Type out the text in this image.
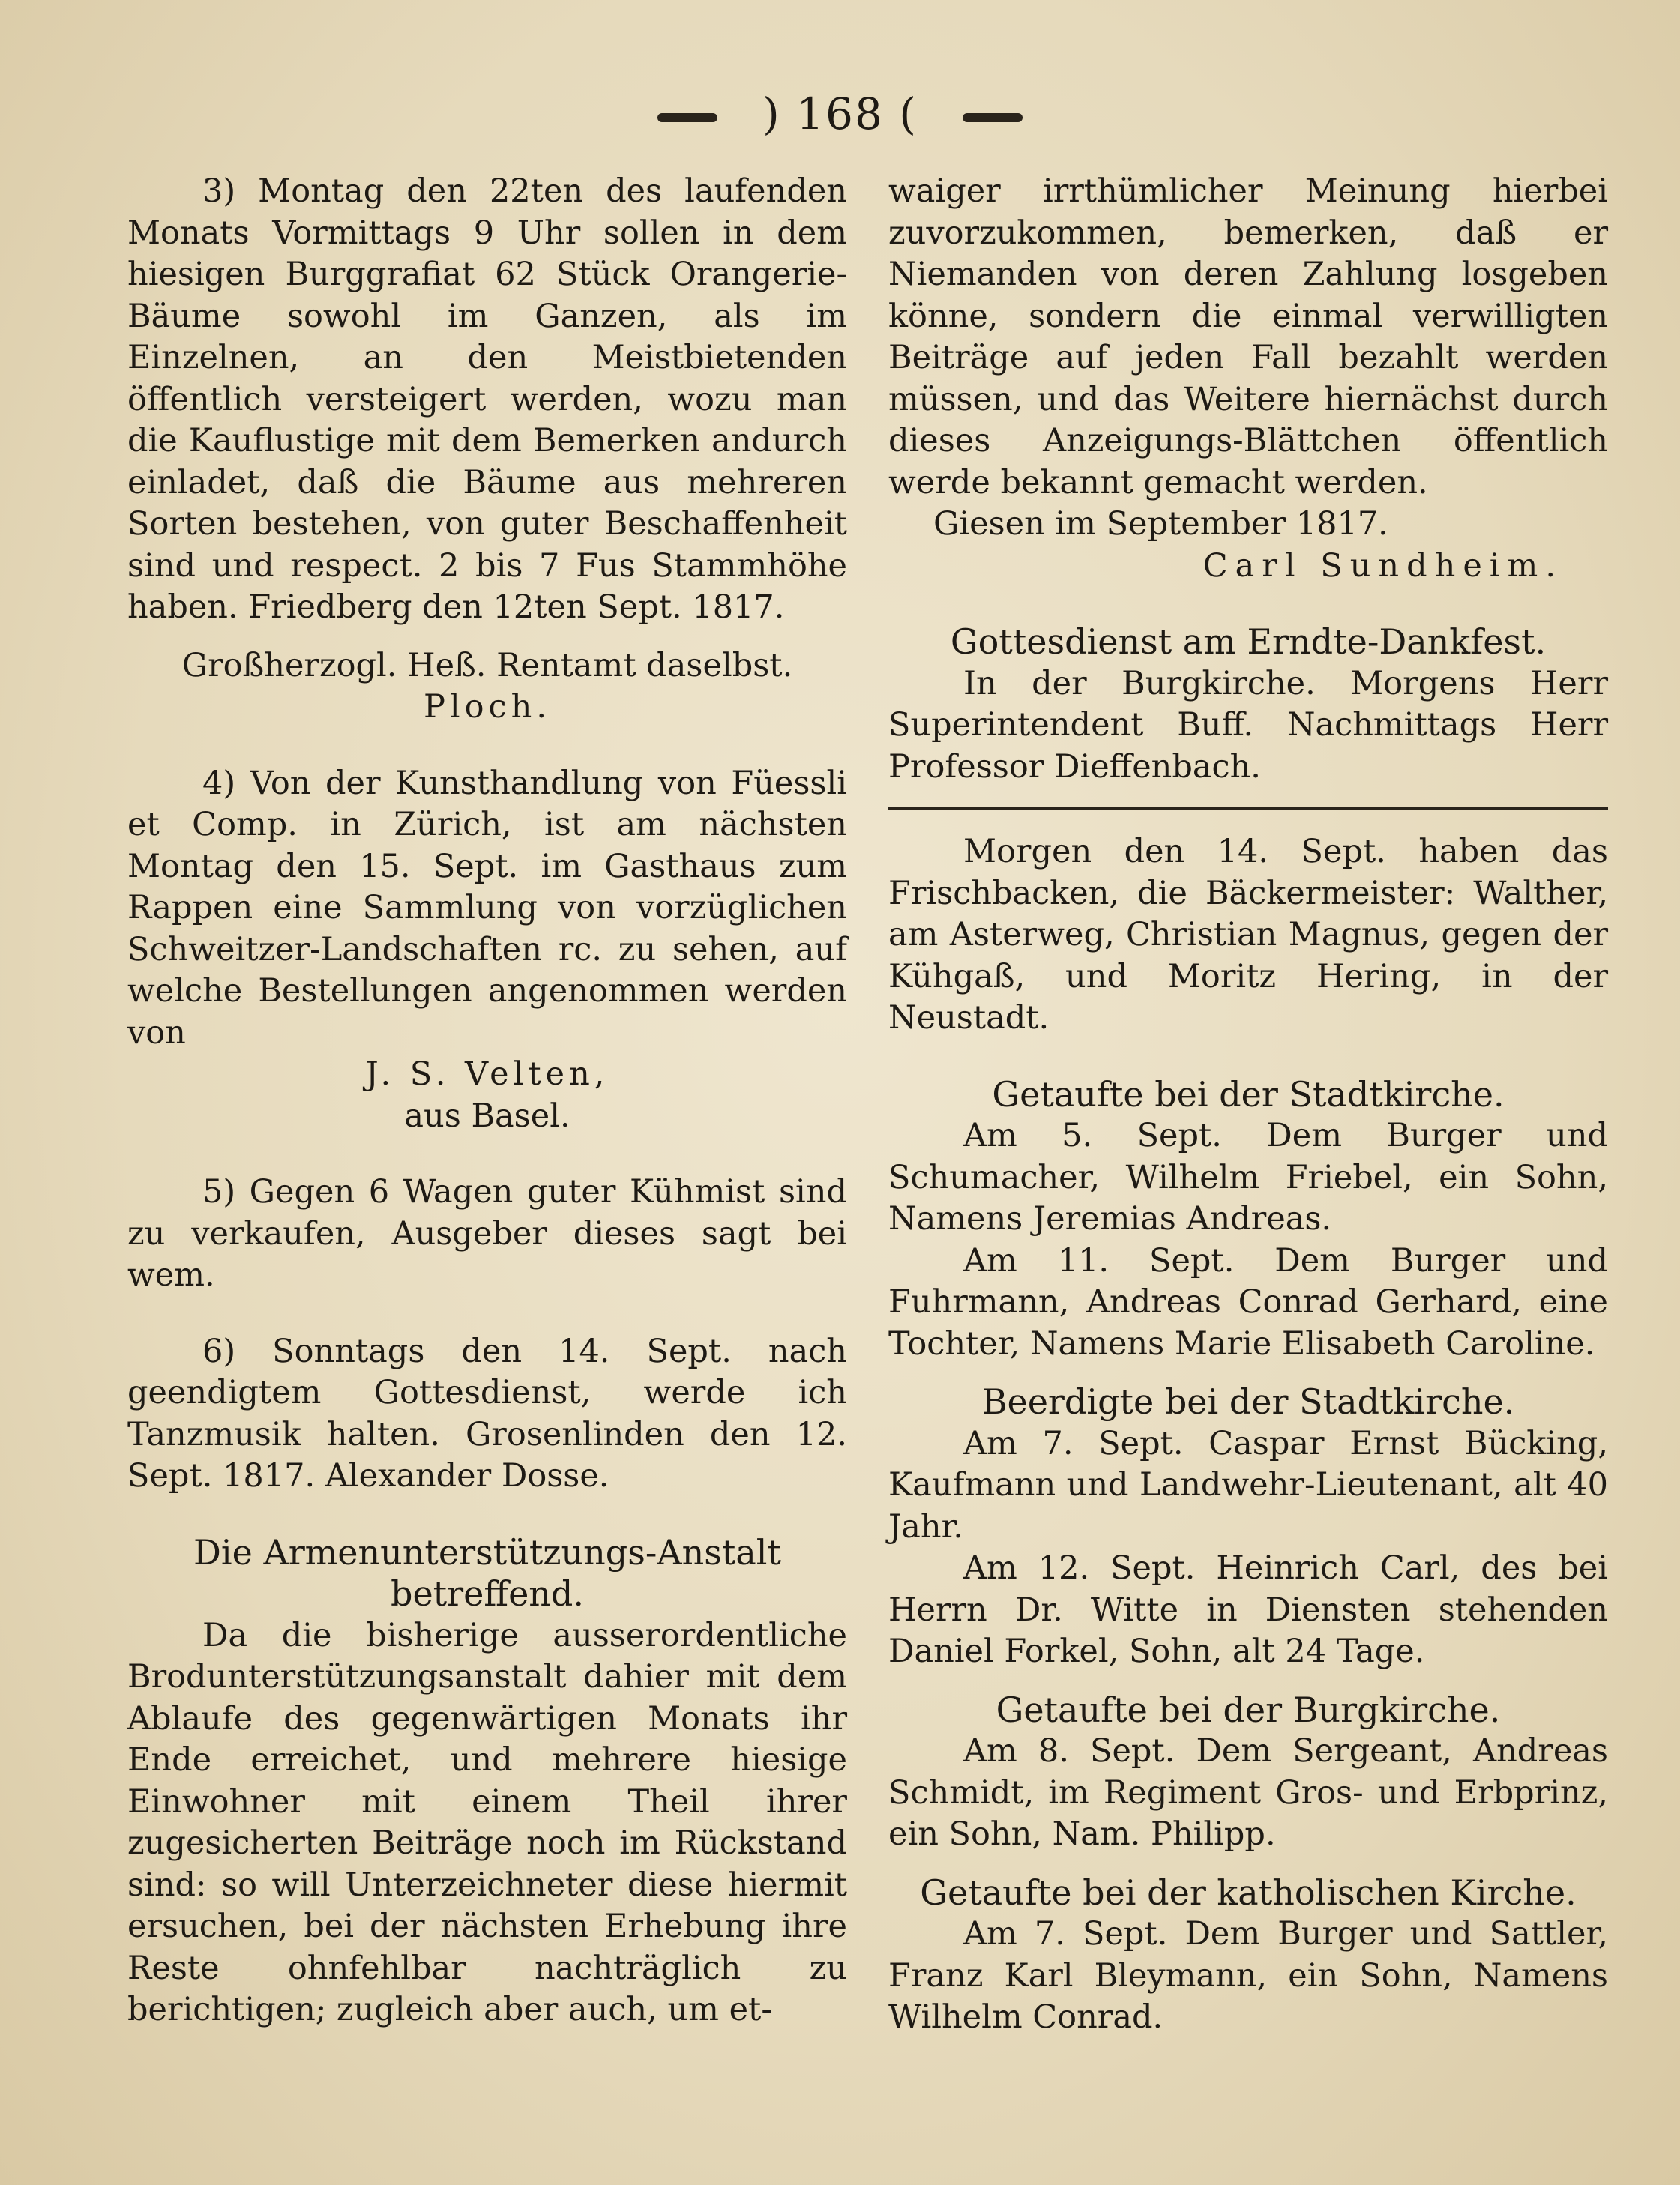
) 168 (

3) Montag den 22ten des laufenden Monats Vormittags 9 Uhr sollen in dem hiesigen Burggrafiat 62 Stück Orangerie-Bäume sowohl im Ganzen, als im Einzelnen, an den Meistbietenden öffentlich versteigert werden, wozu man die Kauflustige mit dem Bemerken andurch einladet, daß die Bäume aus mehreren Sorten bestehen, von guter Beschaffenheit sind und respect. 2 bis 7 Fus Stammhöhe haben. Friedberg den 12ten Sept. 1817.

Großherzogl. Heß. Rentamt daselbst.

Ploch.

4) Von der Kunsthandlung von Füessli et Comp. in Zürich, ist am nächsten Montag den 15. Sept. im Gasthaus zum Rappen eine Sammlung von vorzüglichen Schweitzer-Landschaften rc. zu sehen, auf welche Bestellungen angenommen werden von

J. S. Velten,

aus Basel.

5) Gegen 6 Wagen guter Kühmist sind zu verkaufen, Ausgeber dieses sagt bei wem.

6) Sonntags den 14. Sept. nach geendigtem Gottesdienst, werde ich Tanzmusik halten. Grosenlinden den 12. Sept. 1817. Alexander Dosse.

Die Armenunterstützungs-Anstalt

betreffend.

Da die bisherige ausserordentliche Brodunterstützungsanstalt dahier mit dem Ablaufe des gegenwärtigen Monats ihr Ende erreichet, und mehrere hiesige Einwohner mit einem Theil ihrer zugesicherten Beiträge noch im Rückstand sind: so will Unterzeichneter diese hiermit ersuchen, bei der nächsten Erhebung ihre Reste ohnfehlbar nachträglich zu berichtigen; zugleich aber auch, um et-

waiger irrthümlicher Meinung hierbei zuvorzukommen, bemerken, daß er Niemanden von deren Zahlung losgeben könne, sondern die einmal verwilligten Beiträge auf jeden Fall bezahlt werden müssen, und das Weitere hiernächst durch dieses Anzeigungs-Blättchen öffentlich werde bekannt gemacht werden.

Giesen im September 1817.

Carl Sundheim.

Gottesdienst am Erndte-Dankfest.

In der Burgkirche. Morgens Herr Superintendent Buff. Nachmittags Herr Professor Dieffenbach.

Morgen den 14. Sept. haben das Frischbacken, die Bäckermeister: Walther, am Asterweg, Christian Magnus, gegen der Kühgaß, und Moritz Hering, in der Neustadt.

Getaufte bei der Stadtkirche.

Am 5. Sept. Dem Burger und Schumacher, Wilhelm Friebel, ein Sohn, Namens Jeremias Andreas.

Am 11. Sept. Dem Burger und Fuhrmann, Andreas Conrad Gerhard, eine Tochter, Namens Marie Elisabeth Caroline.

Beerdigte bei der Stadtkirche.

Am 7. Sept. Caspar Ernst Bücking, Kaufmann und Landwehr-Lieutenant, alt 40 Jahr.

Am 12. Sept. Heinrich Carl, des bei Herrn Dr. Witte in Diensten stehenden Daniel Forkel, Sohn, alt 24 Tage.

Getaufte bei der Burgkirche.

Am 8. Sept. Dem Sergeant, Andreas Schmidt, im Regiment Gros- und Erbprinz, ein Sohn, Nam. Philipp.

Getaufte bei der katholischen Kirche.

Am 7. Sept. Dem Burger und Sattler, Franz Karl Bleymann, ein Sohn, Namens Wilhelm Conrad.
